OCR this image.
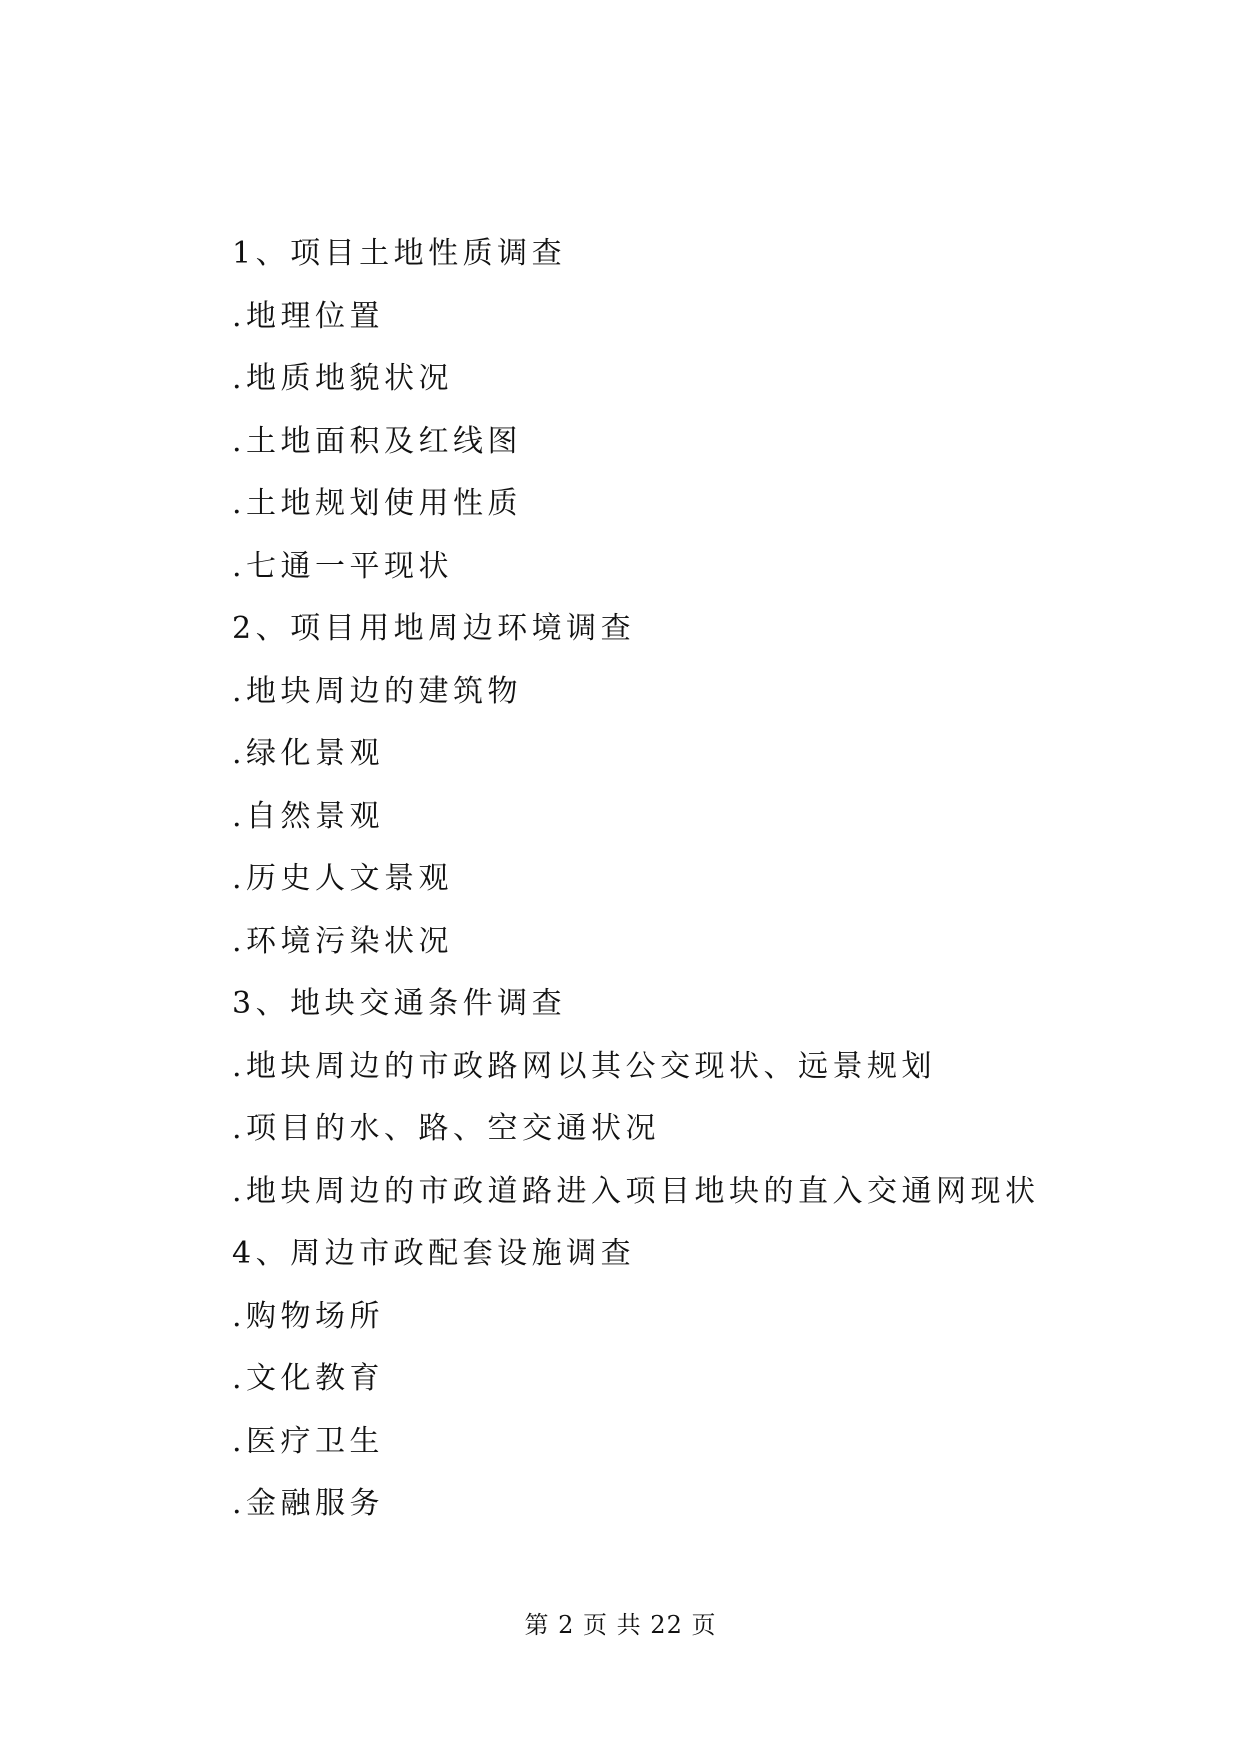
1、项目土地性质调查
.地理位置
.地质地貌状况
.土地面积及红线图
.土地规划使用性质
.七通一平现状
2、项目用地周边环境调查
.地块周边的建筑物
.绿化景观
.自然景观
.历史人文景观
.环境污染状况
3、地块交通条件调查
.地块周边的市政路网以其公交现状、远景规划
.项目的水、路、空交通状况
.地块周边的市政道路进入项目地块的直入交通网现状
4、周边市政配套设施调查
.购物场所
.文化教育
.医疗卫生
.金融服务
第 2 页 共 22 页
